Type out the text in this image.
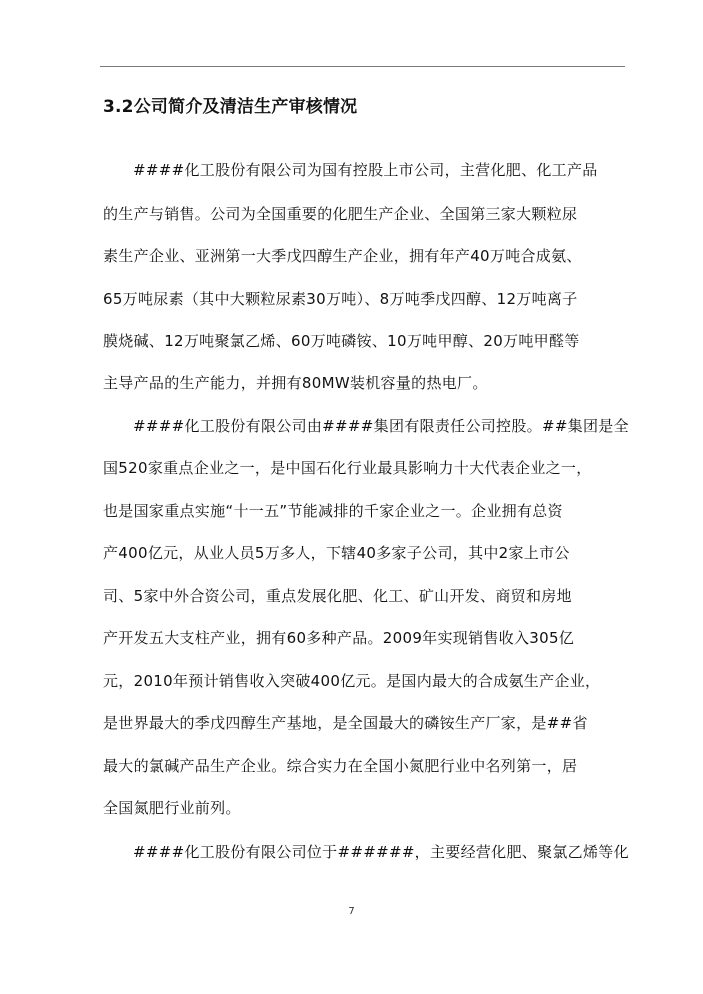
3.2公司简介及清洁生产审核情况
####化工股份有限公司为国有控股上市公司，主营化肥、化工产品
的生产与销售。公司为全国重要的化肥生产企业、全国第三家大颗粒尿
素生产企业、亚洲第一大季戊四醇生产企业，拥有年产40万吨合成氨、
65万吨尿素（其中大颗粒尿素30万吨）、8万吨季戊四醇、12万吨离子
膜烧碱、12万吨聚氯乙烯、60万吨磷铵、10万吨甲醇、20万吨甲醛等
主导产品的生产能力，并拥有80MW装机容量的热电厂。
####化工股份有限公司由####集团有限责任公司控股。##集团是全
国520家重点企业之一，是中国石化行业最具影响力十大代表企业之一，
也是国家重点实施“十一五”节能减排的千家企业之一。企业拥有总资
产400亿元，从业人员5万多人，下辖40多家子公司，其中2家上市公
司、5家中外合资公司，重点发展化肥、化工、矿山开发、商贸和房地
产开发五大支柱产业，拥有60多种产品。2009年实现销售收入305亿
元，2010年预计销售收入突破400亿元。是国内最大的合成氨生产企业，
是世界最大的季戊四醇生产基地，是全国最大的磷铵生产厂家，是##省
最大的氯碱产品生产企业。综合实力在全国小氮肥行业中名列第一，居
全国氮肥行业前列。
####化工股份有限公司位于######，主要经营化肥、聚氯乙烯等化
7
